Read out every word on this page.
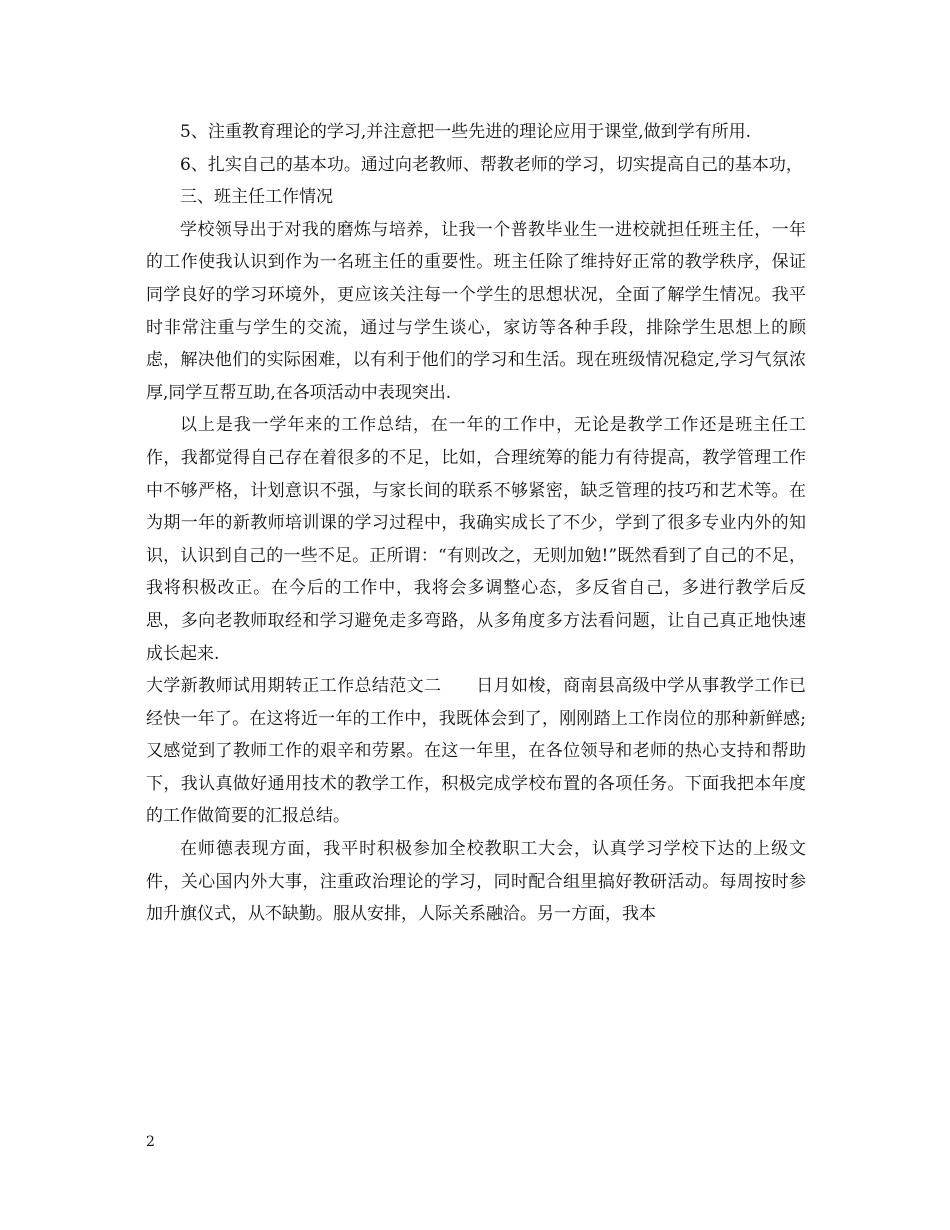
5、注重教育理论的学习,并注意把一些先进的理论应用于课堂,做到学有所用.

6、扎实自己的基本功。通过向老教师、帮教老师的学习，切实提高自己的基本功，

三、班主任工作情况

学校领导出于对我的磨炼与培养，让我一个普教毕业生一进校就担任班主任，一年的工作使我认识到作为一名班主任的重要性。班主任除了维持好正常的教学秩序，保证同学良好的学习环境外，更应该关注每一个学生的思想状况，全面了解学生情况。我平时非常注重与学生的交流，通过与学生谈心，家访等各种手段，排除学生思想上的顾虑，解决他们的实际困难，以有利于他们的学习和生活。现在班级情况稳定,学习气氛浓厚,同学互帮互助,在各项活动中表现突出.

以上是我一学年来的工作总结，在一年的工作中，无论是教学工作还是班主任工作，我都觉得自己存在着很多的不足，比如，合理统筹的能力有待提高，教学管理工作中不够严格，计划意识不强，与家长间的联系不够紧密，缺乏管理的技巧和艺术等。在为期一年的新教师培训课的学习过程中，我确实成长了不少，学到了很多专业内外的知识，认识到自己的一些不足。正所谓：“有则改之，无则加勉!”既然看到了自己的不足，我将积极改正。在今后的工作中，我将会多调整心态，多反省自己，多进行教学后反思，多向老教师取经和学习避免走多弯路，从多角度多方法看问题，让自己真正地快速成长起来.

大学新教师试用期转正工作总结范文二　　日月如梭，商南县高级中学从事教学工作已经快一年了。在这将近一年的工作中，我既体会到了，刚刚踏上工作岗位的那种新鲜感;又感觉到了教师工作的艰辛和劳累。在这一年里，在各位领导和老师的热心支持和帮助下，我认真做好通用技术的教学工作，积极完成学校布置的各项任务。下面我把本年度的工作做简要的汇报总结。

在师德表现方面，我平时积极参加全校教职工大会，认真学习学校下达的上级文件，关心国内外大事，注重政治理论的学习，同时配合组里搞好教研活动。每周按时参加升旗仪式，从不缺勤。服从安排，人际关系融洽。另一方面，我本

2
